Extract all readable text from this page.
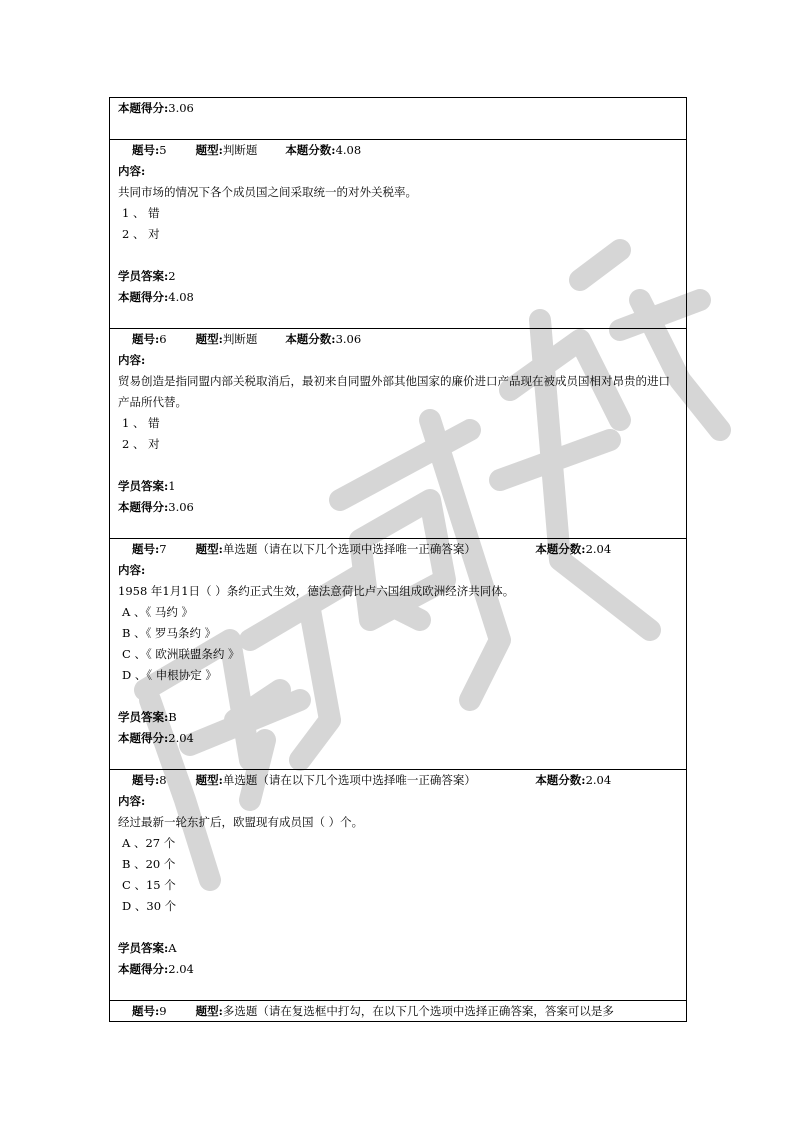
本题得分:3.06
题号:5	题型:判断题 本题分数:4.08
内容:
共同市场的情况下各个成员国之间采取统一的对外关税率。
1 、 错
2 、 对
学员答案:2
本题得分:4.08
题号:6	题型:判断题 本题分数:3.06
内容:
贸易创造是指同盟内部关税取消后，最初来自同盟外部其他国家的廉价进口产品现在被成员国相对昂贵的进口产品所代替。
1 、 错
2 、 对
学员答案:1
本题得分:3.06
题号:7	题型:单选题（请在以下几个选项中选择唯一正确答案）	本题分数:2.04
内容:
1958 年1月1日（ ）条约正式生效，德法意荷比卢六国组成欧洲经济共同体。
A 、《 马约 》
B 、《 罗马条约 》
C 、《 欧洲联盟条约 》
D 、《 申根协定 》
学员答案:B
本题得分:2.04
题号:8	题型:单选题（请在以下几个选项中选择唯一正确答案）	本题分数:2.04
内容:
经过最新一轮东扩后，欧盟现有成员国（ ）个。
A 、27 个
B 、20 个
C 、15 个
D 、30 个
学员答案:A
本题得分:2.04
题号:9	题型:多选题（请在复选框中打勾，在以下几个选项中选择正确答案，答案可以是多
